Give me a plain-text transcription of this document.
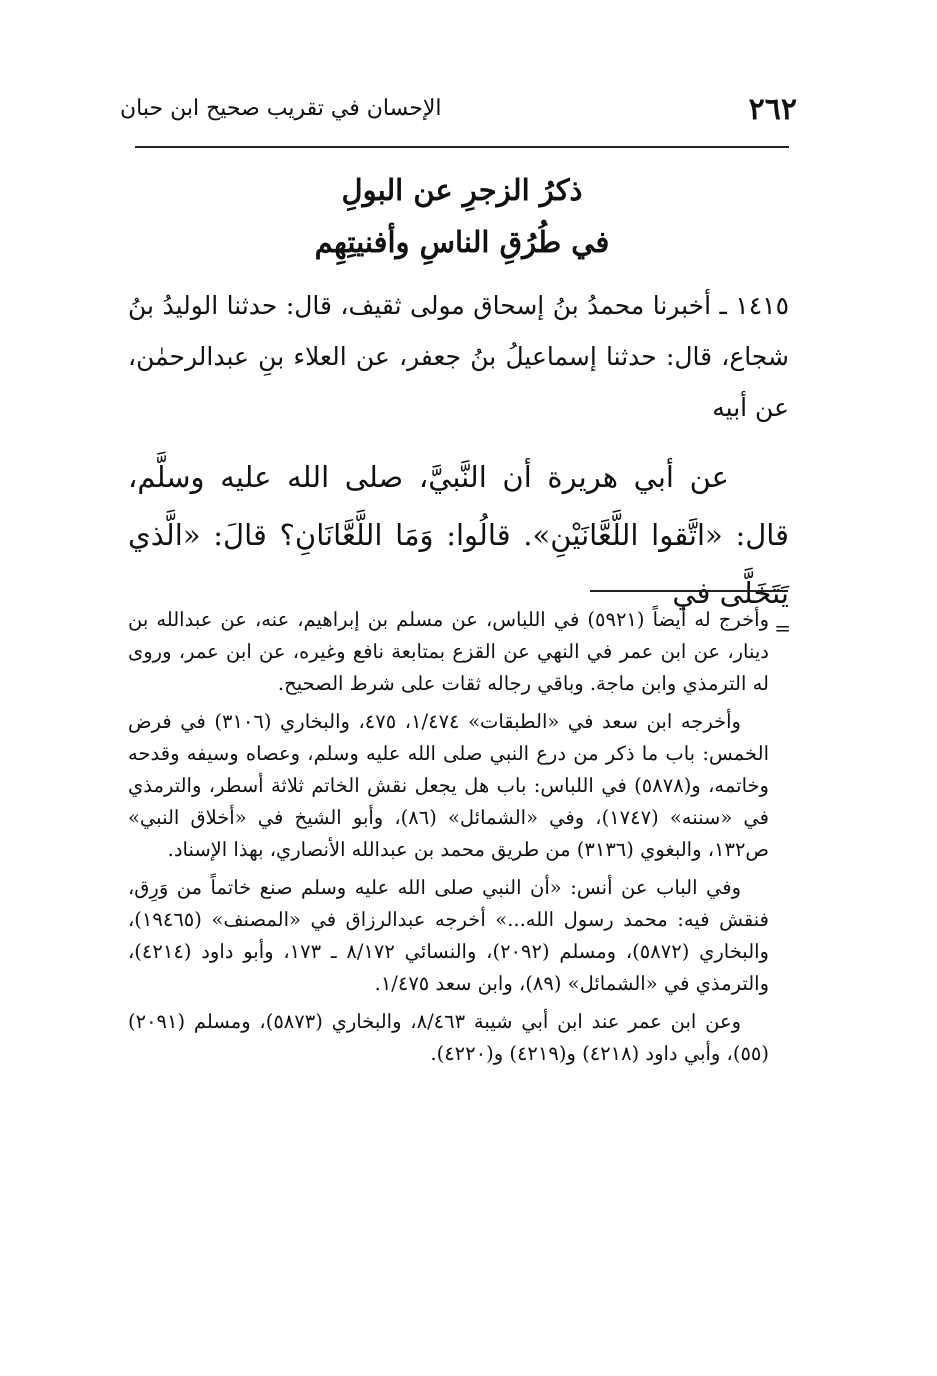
٢٦٢
الإحسان في تقريب صحيح ابن حبان
ذكرُ الزجرِ عن البولِ
في طُرُقِ الناسِ وأفنيتِهِم

١٤١٥ ـ أخبرنا محمدُ بنُ إسحاق مولى ثقيف، قال: حدثنا الوليدُ بنُ شجاع، قال: حدثنا إسماعيلُ بنُ جعفر، عن العلاء بنِ عبدالرحمٰن، عن أبيه

عن أبي هريرة أن النَّبيَّ، صلى الله عليه وسلَّم، قال: «اتَّقوا اللَّعَّانَيْنِ». قالُوا: وَمَا اللَّعَّانَانِ؟ قالَ: «الَّذي يَتَخَلَّى في

=

وأخرج له أيضاً (٥٩٢١) في اللباس، عن مسلم بن إبراهيم، عنه، عن عبدالله بن دينار، عن ابن عمر في النهي عن القزع بمتابعة نافع وغيره، عن ابن عمر، وروى له الترمذي وابن ماجة. وباقي رجاله ثقات على شرط الصحيح.

وأخرجه ابن سعد في «الطبقات» ١/٤٧٤، ٤٧٥، والبخاري (٣١٠٦) في فرض الخمس: باب ما ذكر من درع النبي صلى الله عليه وسلم، وعصاه وسيفه وقدحه وخاتمه، و(٥٨٧٨) في اللباس: باب هل يجعل نقش الخاتم ثلاثة أسطر، والترمذي في «سننه» (١٧٤٧)، وفي «الشمائل» (٨٦)، وأبو الشيخ في «أخلاق النبي» ص١٣٢، والبغوي (٣١٣٦) من طريق محمد بن عبدالله الأنصاري، بهذا الإسناد.

وفي الباب عن أنس: «أن النبي صلى الله عليه وسلم صنع خاتماً من وَرِق، فنقش فيه: محمد رسول الله...» أخرجه عبدالرزاق في «المصنف» (١٩٤٦٥)، والبخاري (٥٨٧٢)، ومسلم (٢٠٩٢)، والنسائي ٨/١٧٢ ـ ١٧٣، وأبو داود (٤٢١٤)، والترمذي في «الشمائل» (٨٩)، وابن سعد ١/٤٧٥.

وعن ابن عمر عند ابن أبي شيبة ٨/٤٦٣، والبخاري (٥٨٧٣)، ومسلم (٢٠٩١) (٥٥)، وأبي داود (٤٢١٨) و(٤٢١٩) و(٤٢٢٠).
